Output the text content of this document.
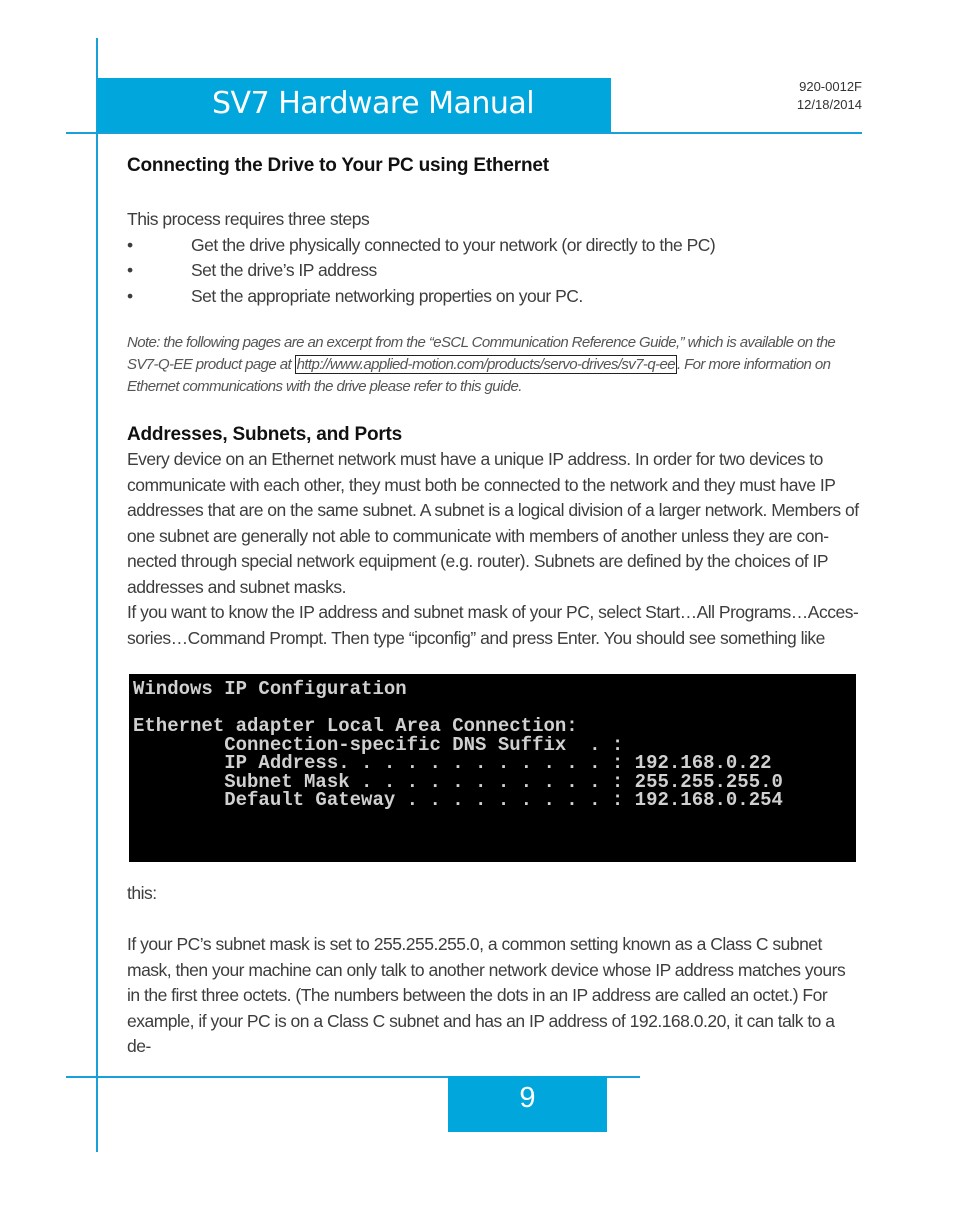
SV7 Hardware Manual	920-0012F
12/18/2014
Connecting the Drive to Your PC using Ethernet
This process requires three steps
•	Get the drive physically connected to your network (or directly to the PC)
•	Set the drive’s IP address
•	Set the appropriate networking properties on your PC.
Note: the following pages are an excerpt from the “eSCL Communication Reference Guide,” which is available on the SV7-Q-EE product page at http://www.applied-motion.com/products/servo-drives/sv7-q-ee . For more information on Ethernet communications with the drive please refer to this guide.
Addresses, Subnets, and Ports
Every device on an Ethernet network must have a unique IP address. In order for two devices to communicate with each other, they must both be connected to the network and they must have IP addresses that are on the same subnet. A subnet is a logical division of a larger network. Members of one subnet are generally not able to communicate with members of another unless they are con-nected through special network equipment (e.g. router). Subnets are defined by the choices of IP addresses and subnet masks.
If you want to know the IP address and subnet mask of your PC, select Start…All Programs…Acces-sories…Command Prompt. Then type “ipconfig” and press Enter. You should see something like
Windows IP Configuration

Ethernet adapter Local Area Connection:
Connection-specific DNS Suffix  . :
IP Address. . . . . . . . . . . . : 192.168.0.22
Subnet Mask . . . . . . . . . . . : 255.255.255.0
Default Gateway . . . . . . . . . : 192.168.0.254
this:
If your PC’s subnet mask is set to 255.255.255.0, a common setting known as a Class C subnet mask, then your machine can only talk to another network device whose IP address matches yours in the first three octets. (The numbers between the dots in an IP address are called an octet.) For example, if your PC is on a Class C subnet and has an IP address of 192.168.0.20, it can talk to a de-
9
